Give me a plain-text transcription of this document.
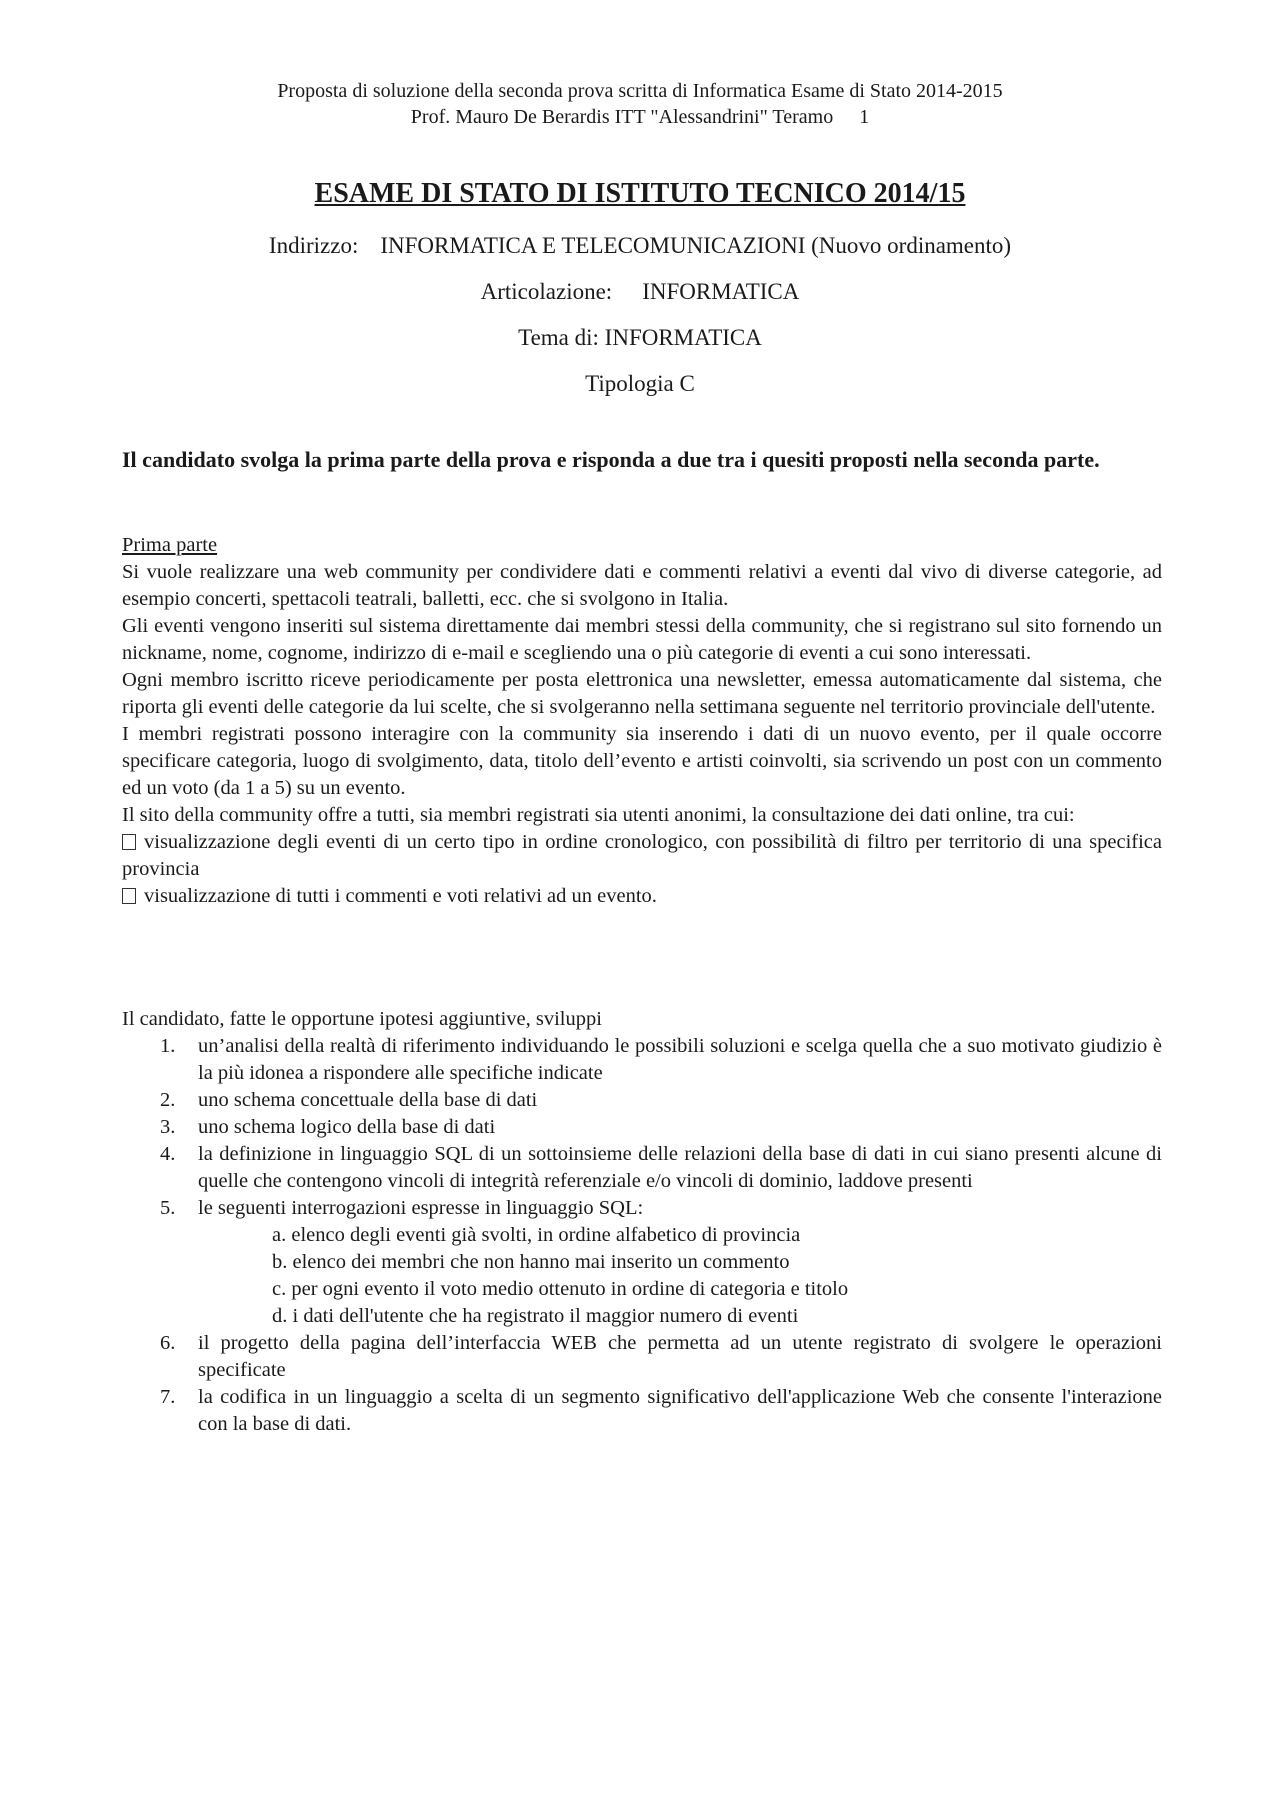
Proposta di soluzione della seconda prova scritta di Informatica Esame di Stato 2014-2015
Prof. Mauro De Berardis ITT "Alessandrini" Teramo 1
ESAME DI STATO DI ISTITUTO TECNICO 2014/15
Indirizzo: INFORMATICA E TELECOMUNICAZIONI (Nuovo ordinamento)
Articolazione: INFORMATICA
Tema di: INFORMATICA
Tipologia C

Il candidato svolga la prima parte della prova e risponda a due tra i quesiti proposti nella seconda parte.

Prima parte

Si vuole realizzare una web community per condividere dati e commenti relativi a eventi dal vivo di diverse categorie, ad esempio concerti, spettacoli teatrali, balletti, ecc. che si svolgono in Italia.

Gli eventi vengono inseriti sul sistema direttamente dai membri stessi della community, che si registrano sul sito fornendo un nickname, nome, cognome, indirizzo di e-mail e scegliendo una o più categorie di eventi a cui sono interessati.

Ogni membro iscritto riceve periodicamente per posta elettronica una newsletter, emessa automaticamente dal sistema, che riporta gli eventi delle categorie da lui scelte, che si svolgeranno nella settimana seguente nel territorio provinciale dell'utente.

I membri registrati possono interagire con la community sia inserendo i dati di un nuovo evento, per il quale occorre specificare categoria, luogo di svolgimento, data, titolo dell’evento e artisti coinvolti, sia scrivendo un post con un commento ed un voto (da 1 a 5) su un evento.

Il sito della community offre a tutti, sia membri registrati sia utenti anonimi, la consultazione dei dati online, tra cui:

visualizzazione degli eventi di un certo tipo in ordine cronologico, con possibilità di filtro per territorio di una specifica provincia

visualizzazione di tutti i commenti e voti relativi ad un evento.

Il candidato, fatte le opportune ipotesi aggiuntive, sviluppi

1. un’analisi della realtà di riferimento individuando le possibili soluzioni e scelga quella che a suo motivato giudizio è la più idonea a rispondere alle specifiche indicate
2. uno schema concettuale della base di dati
3. uno schema logico della base di dati
4. la definizione in linguaggio SQL di un sottoinsieme delle relazioni della base di dati in cui siano presenti alcune di quelle che contengono vincoli di integrità referenziale e/o vincoli di dominio, laddove presenti
5. le seguenti interrogazioni espresse in linguaggio SQL:

a. elenco degli eventi già svolti, in ordine alfabetico di provincia

b. elenco dei membri che non hanno mai inserito un commento

c. per ogni evento il voto medio ottenuto in ordine di categoria e titolo

d. i dati dell'utente che ha registrato il maggior numero di eventi

6. il progetto della pagina dell’interfaccia WEB che permetta ad un utente registrato di svolgere le operazioni specificate
7. la codifica in un linguaggio a scelta di un segmento significativo dell'applicazione Web che consente l'interazione con la base di dati.
